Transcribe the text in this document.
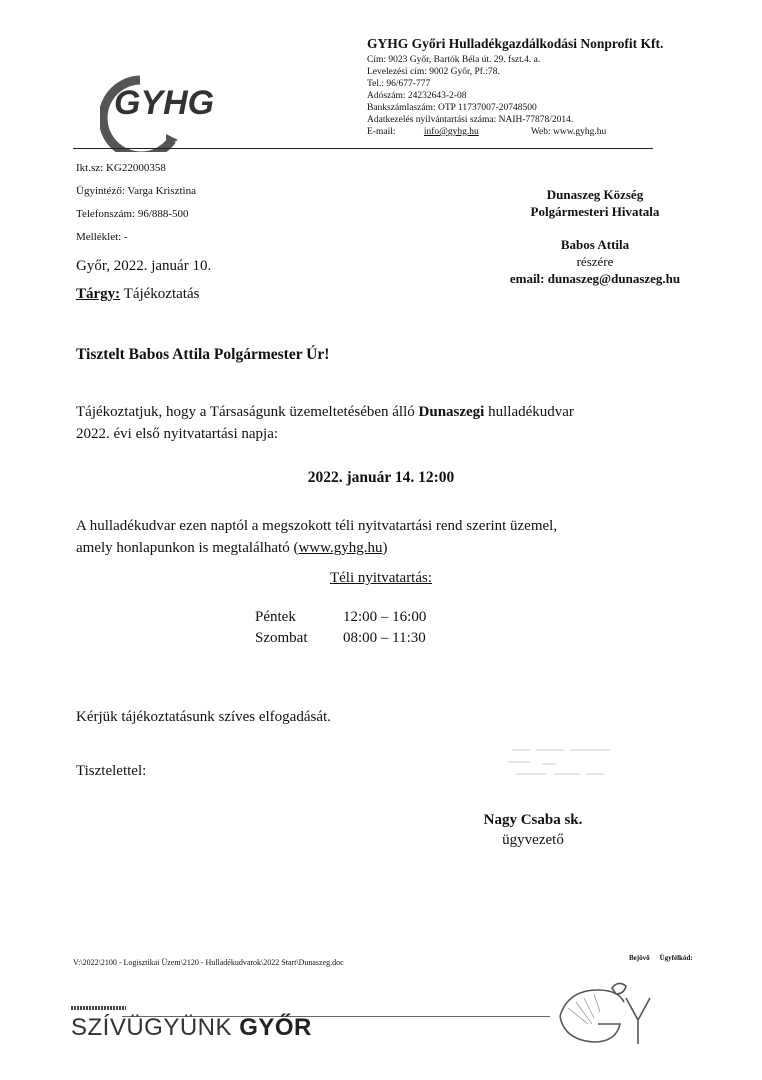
GYHG
GYHG Győri Hulladékgazdálkodási Nonprofit Kft.
Cím: 9023 Győr, Bartók Béla út. 29. fszt.4. a.
Levelezési cím: 9002 Győr, Pf.:78.
Tel.: 96/677-777
Adószám: 24232643-2-08
Bankszámlaszám: OTP 11737007-20748500
Adatkezelés nyilvántartási száma: NAIH-77878/2014.
E-mail:	info@gyhg.hu	Web: www.gyhg.hu
Ikt.sz: KG22000358
Ügyintéző: Varga Krisztina
Telefonszám: 96/888-500
Melléklet: -
Dunaszeg Község
Polgármesteri Hivatala
Babos Attila
részére
email: dunaszeg@dunaszeg.hu
Győr, 2022. január 10.
Tárgy: Tájékoztatás
Tisztelt Babos Attila Polgármester Úr!
Tájékoztatjuk, hogy a Társaságunk üzemeltetésében álló Dunaszegi hulladékudvar
2022. évi első nyitvatartási napja:
2022. január 14. 12:00
A hulladékudvar ezen naptól a megszokott téli nyitvatartási rend szerint üzemel,
amely honlapunkon is megtalálható (www.gyhg.hu)
Téli nyitvatartás:
Péntek	12:00 – 16:00
Szombat	08:00 – 11:30
Kérjük tájékoztatásunk szíves elfogadását.
Tisztelettel:
Nagy Csaba sk.
ügyvezető
V:\2022\2100 - Logisztikai Üzem\2120 - Hulladékudvarok\2022 Start\Dunaszeg.doc	Bejövő Ügyfélkód:
SZÍVÜGYÜNK GYŐR
